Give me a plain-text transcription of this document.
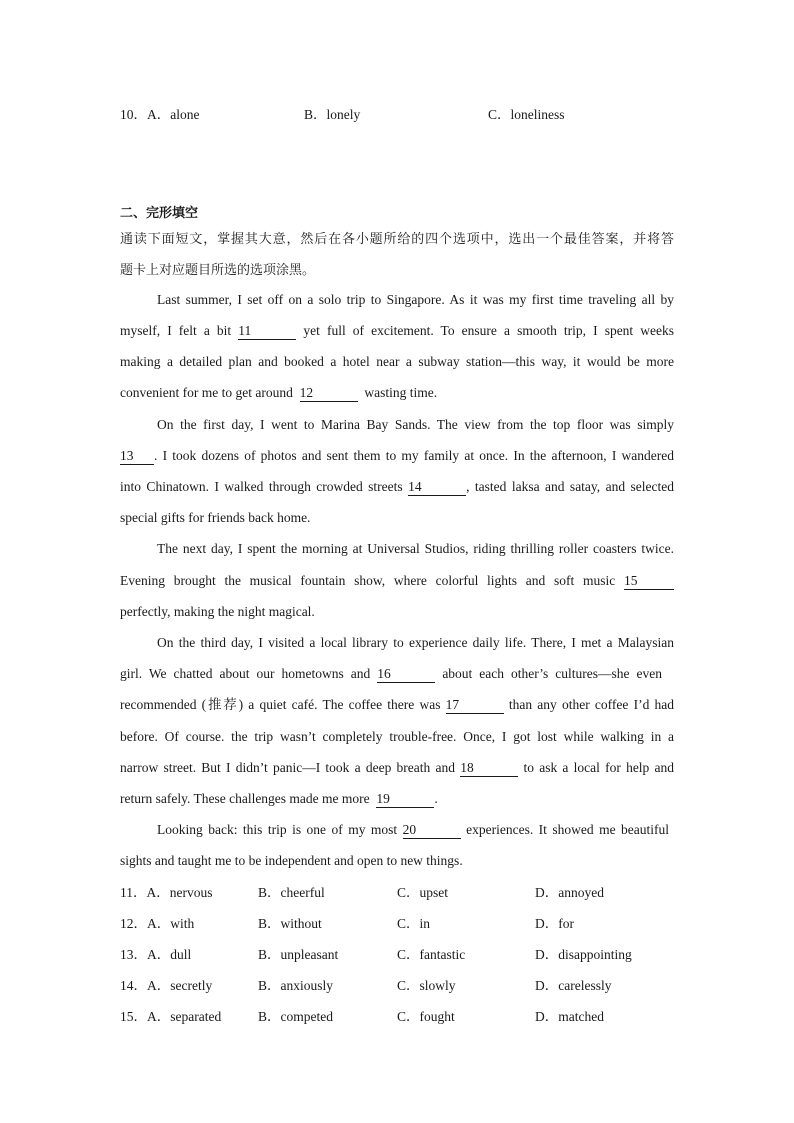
10．A．alone	B．lonely	C．loneliness
二、完形填空
通读下面短文，掌握其大意，然后在各小题所给的四个选项中，选出一个最佳答案，并将答
题卡上对应题目所选的选项涂黑。
Last summer, I set off on a solo trip to Singapore. As it was my first time traveling all by
myself, I felt a bit 11	yet full of excitement. To ensure a smooth trip, I spent weeks
making a detailed plan and booked a hotel near a subway station—this way, it would be more
convenient for me to get around 12	wasting time.
On the first day, I went to Marina Bay Sands. The view from the top floor was simply
13 . I took dozens of photos and sent them to my family at once. In the afternoon, I wandered
into Chinatown. I walked through crowded streets 14	, tasted laksa and satay, and selected
special gifts for friends back home.
The next day, I spent the morning at Universal Studios, riding thrilling roller coasters twice.
Evening brought the musical fountain show, where colorful lights and soft music 15
perfectly, making the night magical.
On the third day, I visited a local library to experience daily life. There, I met a Malaysian
girl. We chatted about our hometowns and 16	about each other’s cultures—she even
recommended (推荐) a quiet café. The coffee there was 17	than any other coffee I’d had
before. Of course. the trip wasn’t completely trouble-free. Once, I got lost while walking in a
narrow street. But I didn’t panic—I took a deep breath and 18	to ask a local for help and
return safely. These challenges made me more 19	.
Looking back: this trip is one of my most 20	experiences. It showed me beautiful
sights and taught me to be independent and open to new things.
11．A．nervous	B．cheerful	C．upset	D．annoyed
12．A．with	B．without	C．in	D．for
13．A．dull	B．unpleasant	C．fantastic	D．disappointing
14．A．secretly	B．anxiously	C．slowly	D．carelessly
15．A．separated	B．competed	C．fought	D．matched
